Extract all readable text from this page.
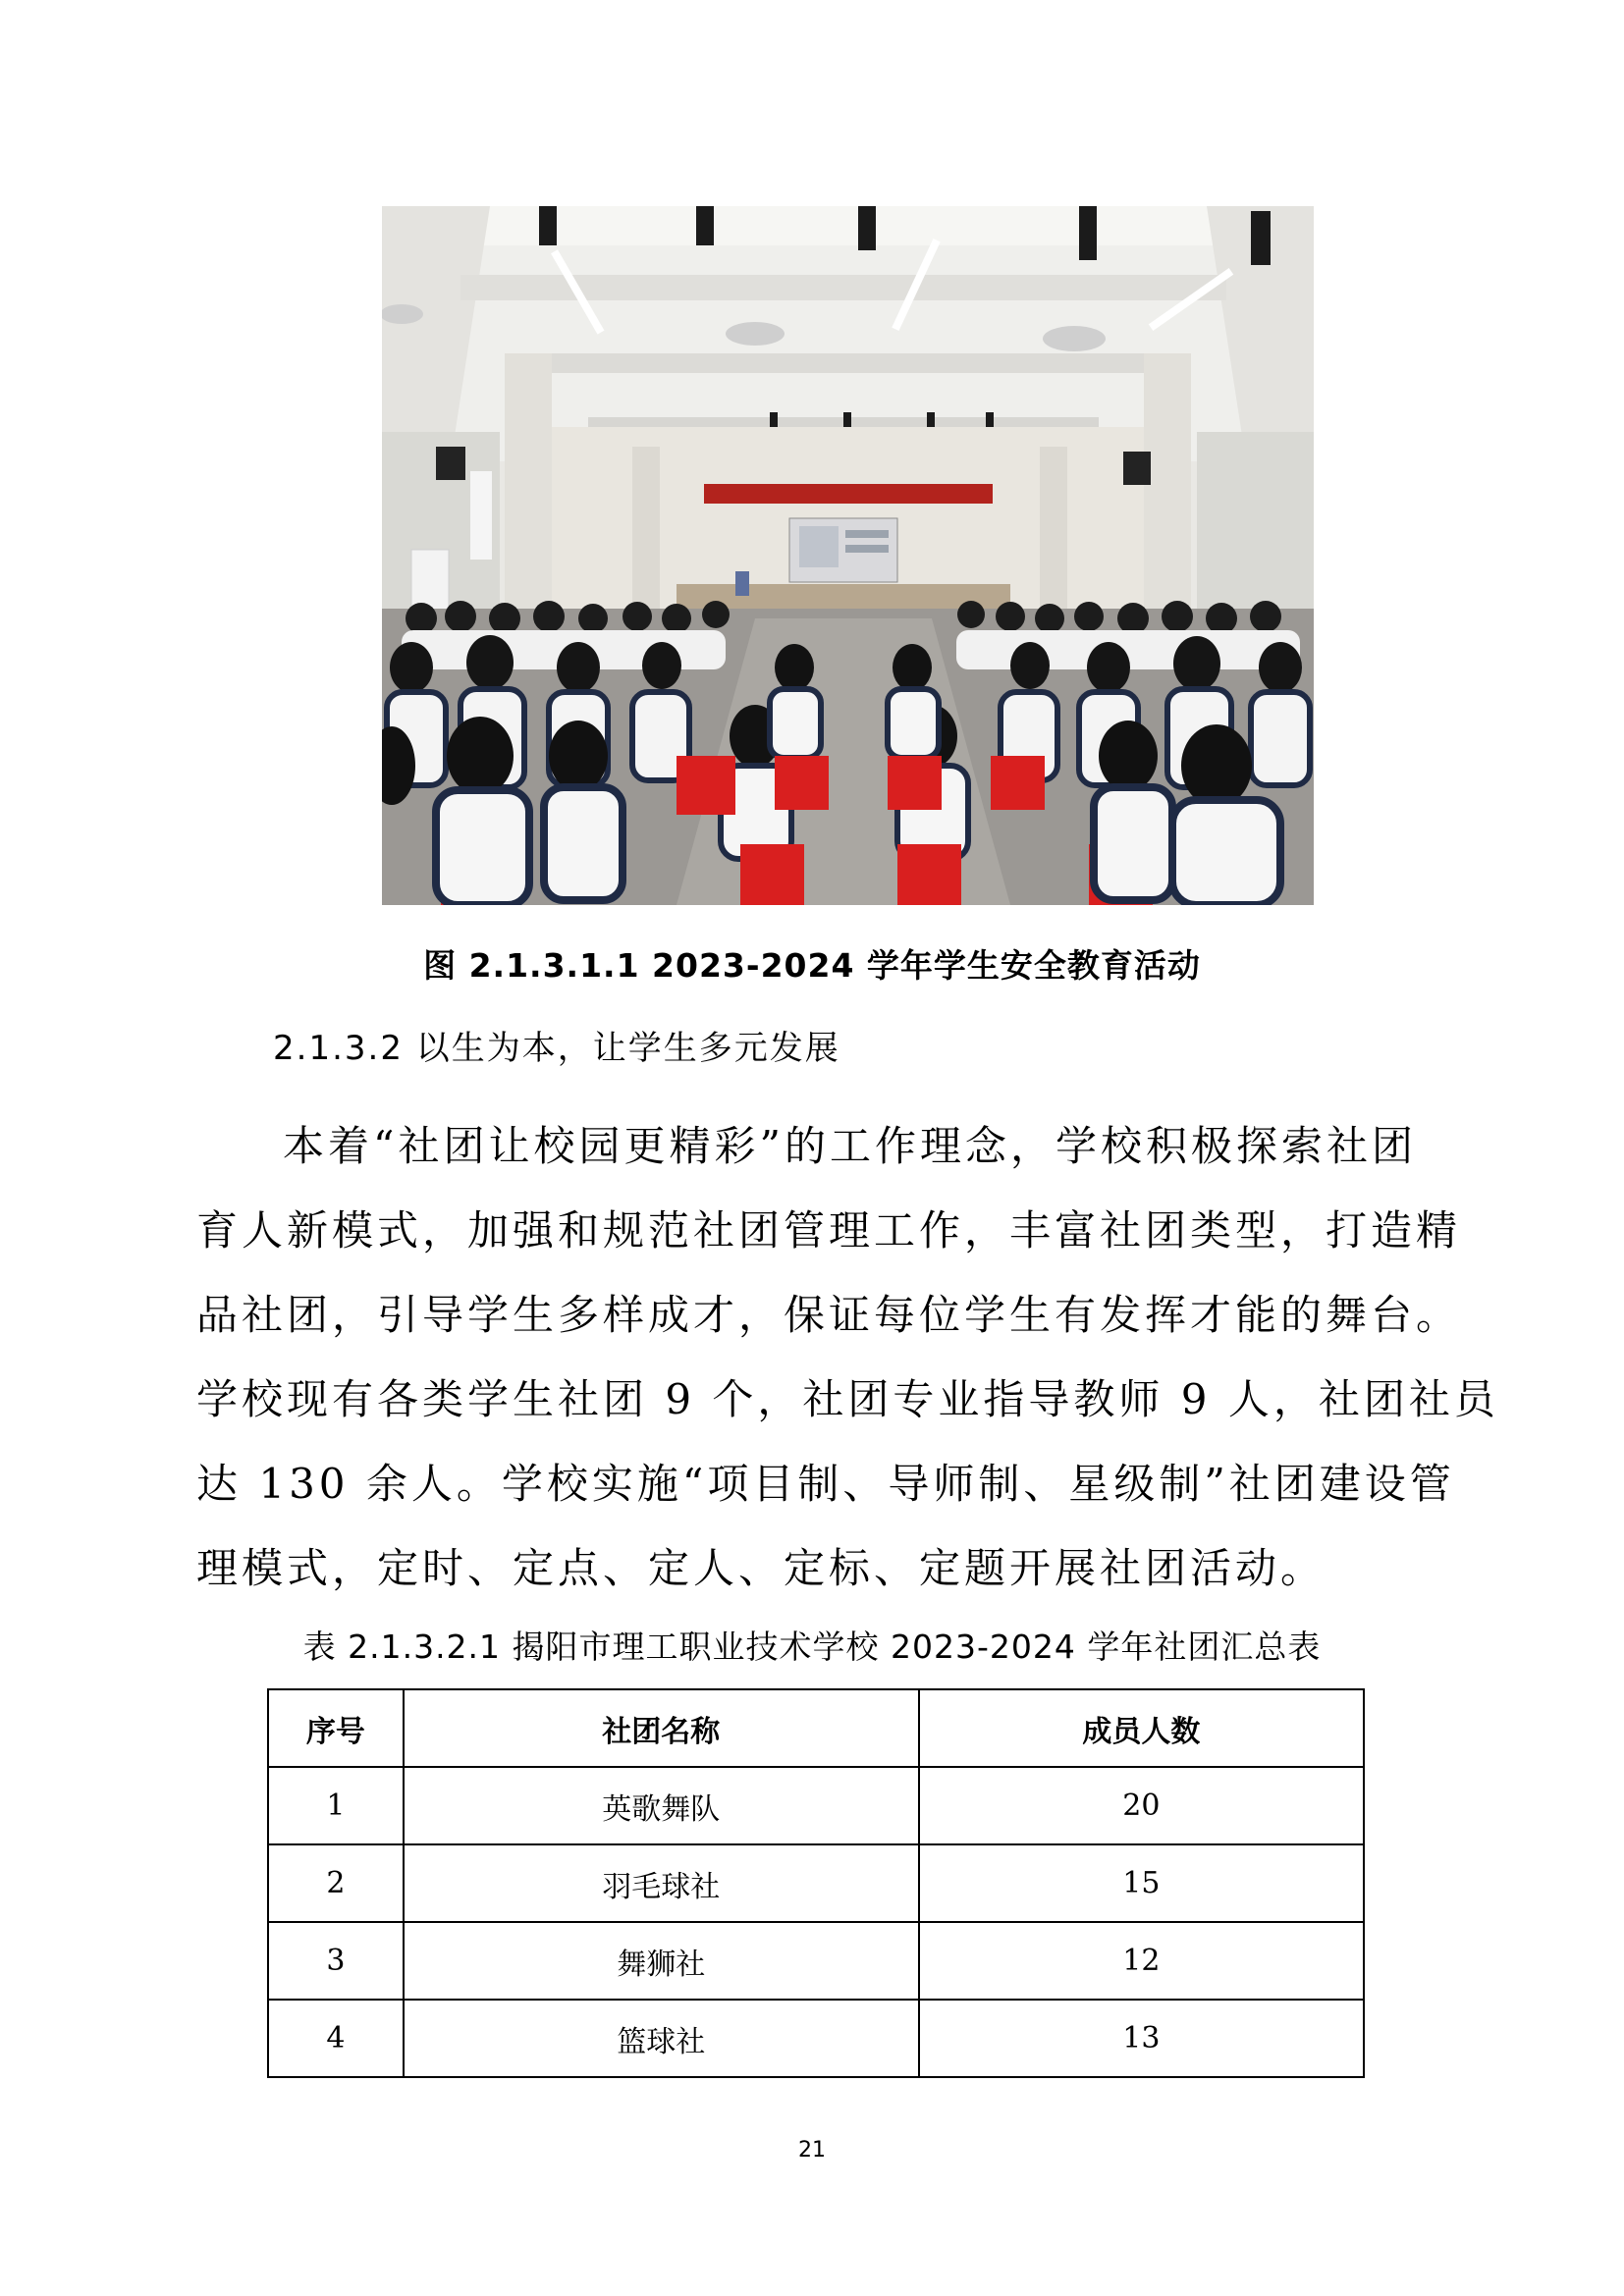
图 2.1.3.1.1 2023-2024 学年学生安全教育活动
2.1.3.2 以生为本，让学生多元发展
本着“社团让校园更精彩”的工作理念，学校积极探索社团
育人新模式，加强和规范社团管理工作，丰富社团类型，打造精
品社团，引导学生多样成才，保证每位学生有发挥才能的舞台。
学校现有各类学生社团 9 个，社团专业指导教师 9 人，社团社员
达 130 余人。学校实施“项目制、导师制、星级制”社团建设管
理模式，定时、定点、定人、定标、定题开展社团活动。
表 2.1.3.2.1 揭阳市理工职业技术学校 2023-2024 学年社团汇总表
序号	社团名称	成员人数
1	英歌舞队	20
2	羽毛球社	15
3	舞狮社	12
4	篮球社	13
21
